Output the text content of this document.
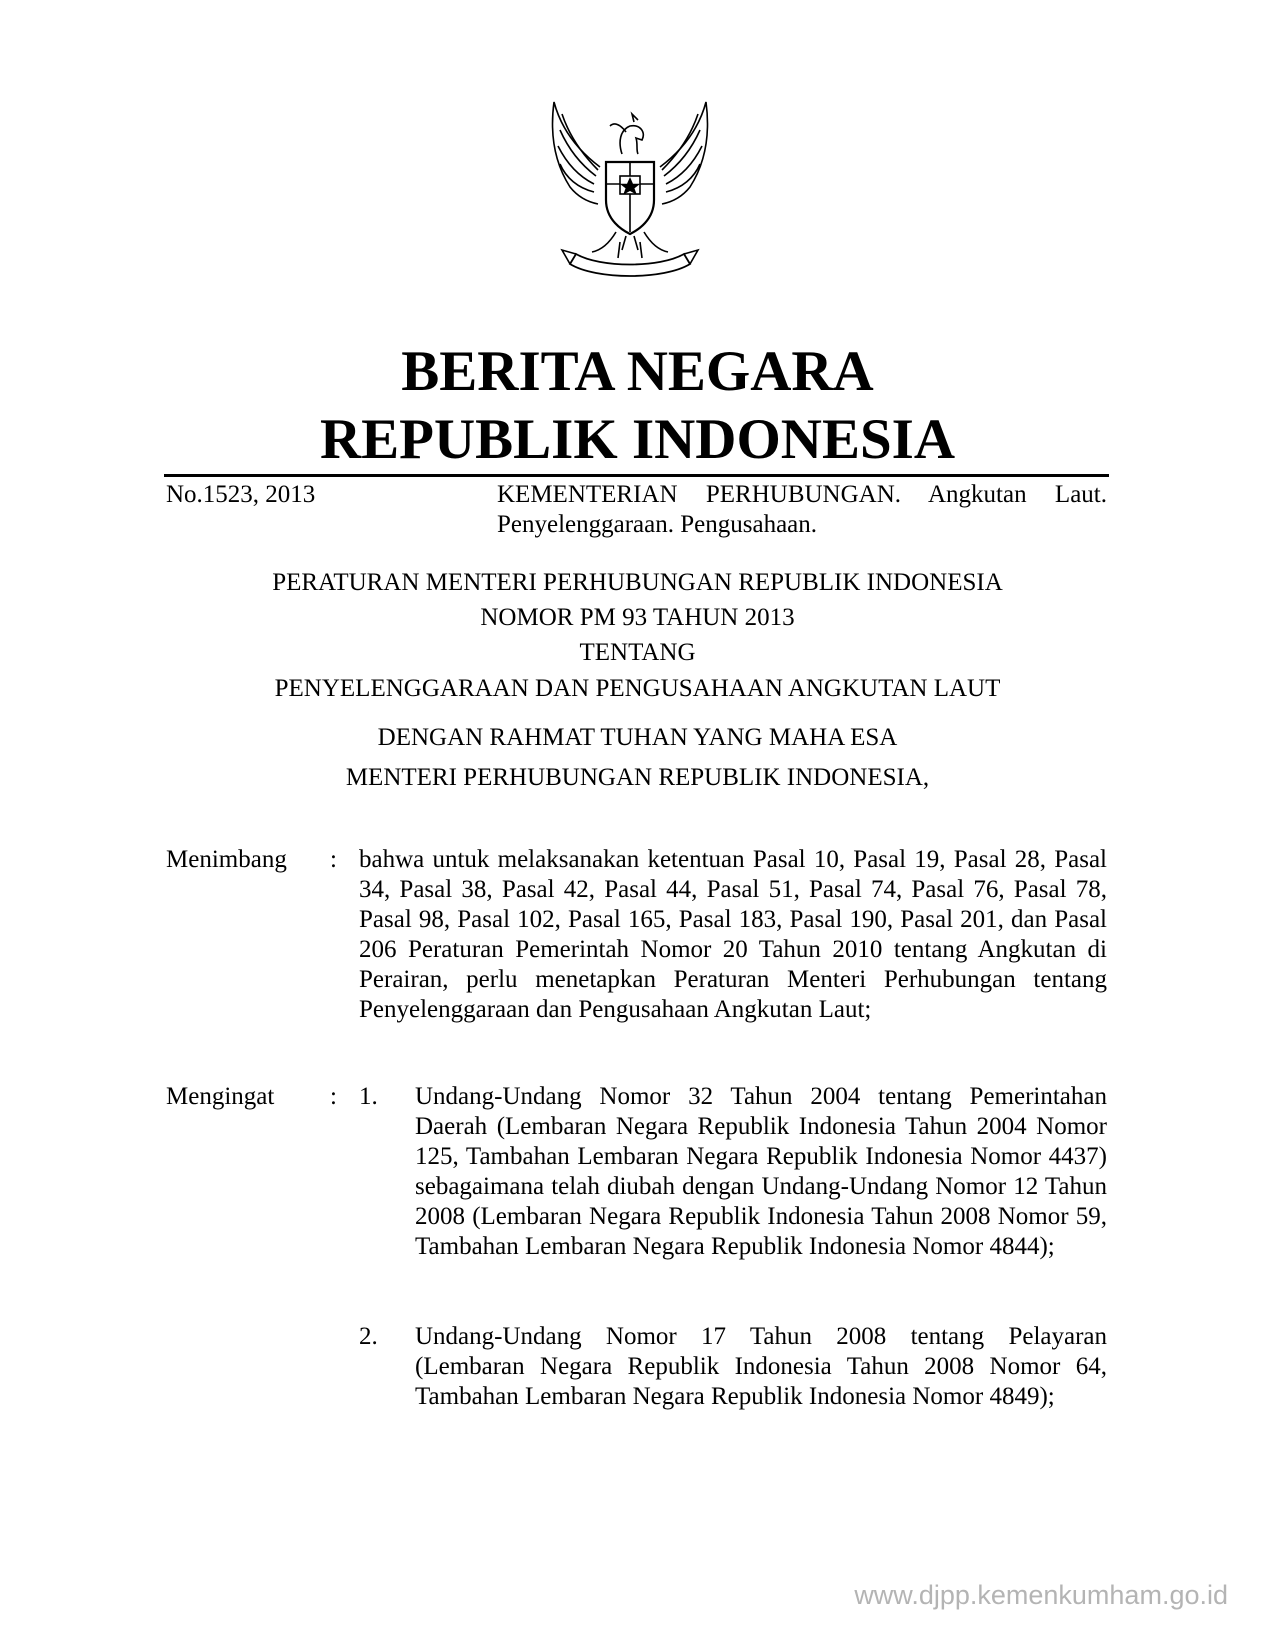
BERITA NEGARA
REPUBLIK INDONESIA
No.1523, 2013	KEMENTERIAN PERHUBUNGAN. Angkutan Laut. Penyelenggaraan. Pengusahaan.
PERATURAN MENTERI PERHUBUNGAN REPUBLIK INDONESIA
NOMOR PM 93 TAHUN 2013
TENTANG
PENYELENGGARAAN DAN PENGUSAHAAN ANGKUTAN LAUT
DENGAN RAHMAT TUHAN YANG MAHA ESA
MENTERI PERHUBUNGAN REPUBLIK INDONESIA,
Menimbang : bahwa untuk melaksanakan ketentuan Pasal 10, Pasal 19, Pasal 28, Pasal 34, Pasal 38, Pasal 42, Pasal 44, Pasal 51, Pasal 74, Pasal 76, Pasal 78, Pasal 98, Pasal 102, Pasal 165, Pasal 183, Pasal 190, Pasal 201, dan Pasal 206 Peraturan Pemerintah Nomor 20 Tahun 2010 tentang Angkutan di Perairan, perlu menetapkan Peraturan Menteri Perhubungan tentang Penyelenggaraan dan Pengusahaan Angkutan Laut;
Mengingat : 1. Undang-Undang Nomor 32 Tahun 2004 tentang Pemerintahan Daerah (Lembaran Negara Republik Indonesia Tahun 2004 Nomor 125, Tambahan Lembaran Negara Republik Indonesia Nomor 4437) sebagaimana telah diubah dengan Undang-Undang Nomor 12 Tahun 2008 (Lembaran Negara Republik Indonesia Tahun 2008 Nomor 59, Tambahan Lembaran Negara Republik Indonesia Nomor 4844);
2. Undang-Undang Nomor 17 Tahun 2008 tentang Pelayaran (Lembaran Negara Republik Indonesia Tahun 2008 Nomor 64, Tambahan Lembaran Negara Republik Indonesia Nomor 4849);
www.djpp.kemenkumham.go.id
